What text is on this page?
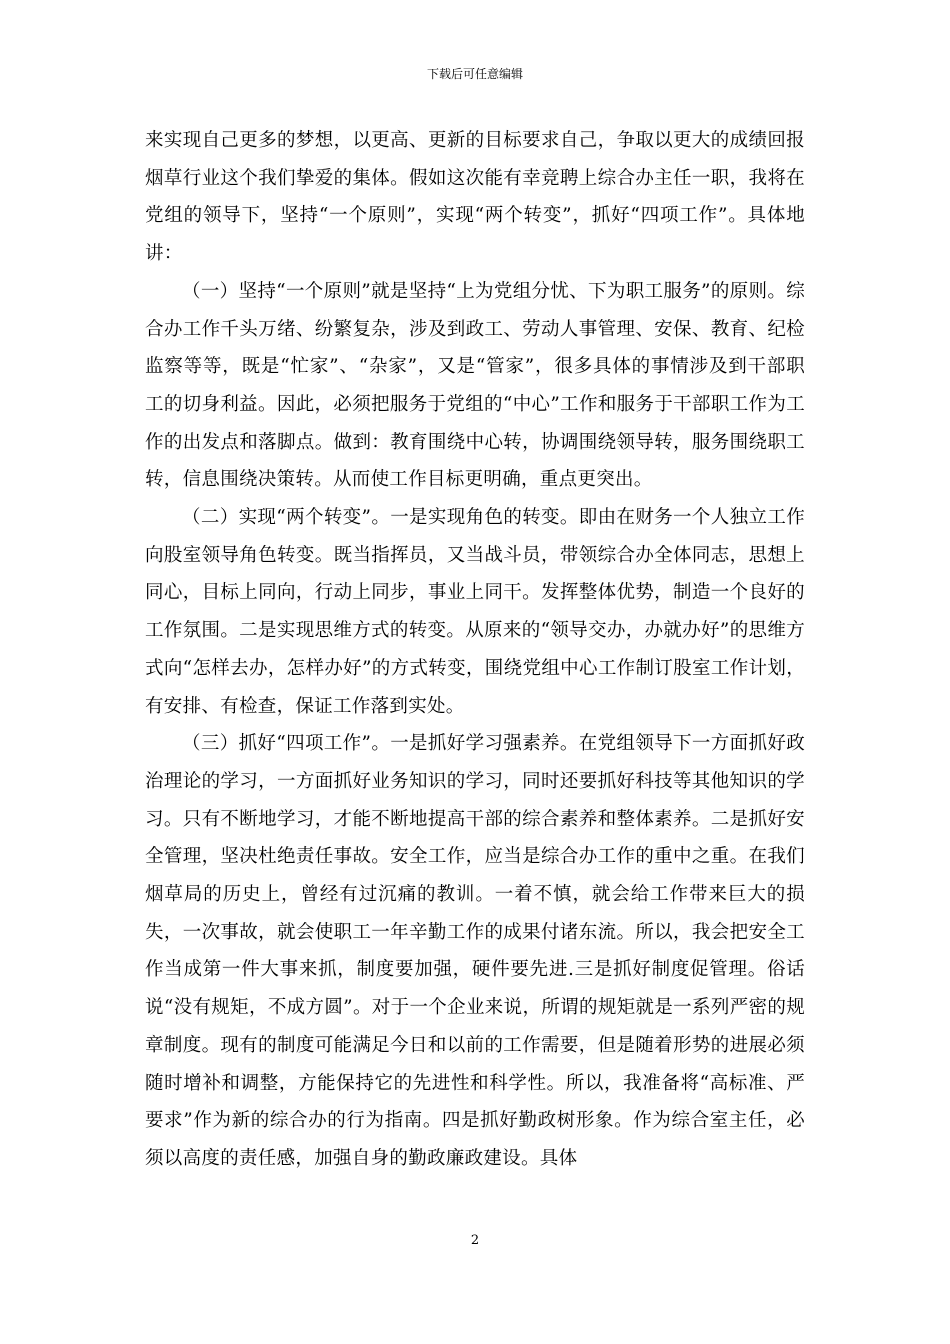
下载后可任意编辑

来实现自己更多的梦想，以更高、更新的目标要求自己，争取以更大的成绩回报烟草行业这个我们挚爱的集体。假如这次能有幸竞聘上综合办主任一职，我将在党组的领导下，坚持“一个原则”，实现“两个转变”，抓好“四项工作”。具体地讲：

（一）坚持“一个原则”就是坚持“上为党组分忧、下为职工服务”的原则。综合办工作千头万绪、纷繁复杂，涉及到政工、劳动人事管理、安保、教育、纪检监察等等，既是“忙家”、“杂家”，又是“管家”，很多具体的事情涉及到干部职工的切身利益。因此，必须把服务于党组的“中心”工作和服务于干部职工作为工作的出发点和落脚点。做到：教育围绕中心转，协调围绕领导转，服务围绕职工转，信息围绕决策转。从而使工作目标更明确，重点更突出。

（二）实现“两个转变”。一是实现角色的转变。即由在财务一个人独立工作向股室领导角色转变。既当指挥员，又当战斗员，带领综合办全体同志，思想上同心，目标上同向，行动上同步，事业上同干。发挥整体优势，制造一个良好的工作氛围。二是实现思维方式的转变。从原来的“领导交办，办就办好”的思维方式向“怎样去办，怎样办好”的方式转变，围绕党组中心工作制订股室工作计划，有安排、有检查，保证工作落到实处。

（三）抓好“四项工作”。一是抓好学习强素养。在党组领导下一方面抓好政治理论的学习，一方面抓好业务知识的学习，同时还要抓好科技等其他知识的学习。只有不断地学习，才能不断地提高干部的综合素养和整体素养。二是抓好安全管理，坚决杜绝责任事故。安全工作，应当是综合办工作的重中之重。在我们烟草局的历史上，曾经有过沉痛的教训。一着不慎，就会给工作带来巨大的损失，一次事故，就会使职工一年辛勤工作的成果付诸东流。所以，我会把安全工作当成第一件大事来抓，制度要加强，硬件要先进.三是抓好制度促管理。俗话说“没有规矩，不成方圆”。对于一个企业来说，所谓的规矩就是一系列严密的规章制度。现有的制度可能满足今日和以前的工作需要，但是随着形势的进展必须随时增补和调整，方能保持它的先进性和科学性。所以，我准备将“高标准、严要求”作为新的综合办的行为指南。四是抓好勤政树形象。作为综合室主任，必须以高度的责任感，加强自身的勤政廉政建设。具体

2
